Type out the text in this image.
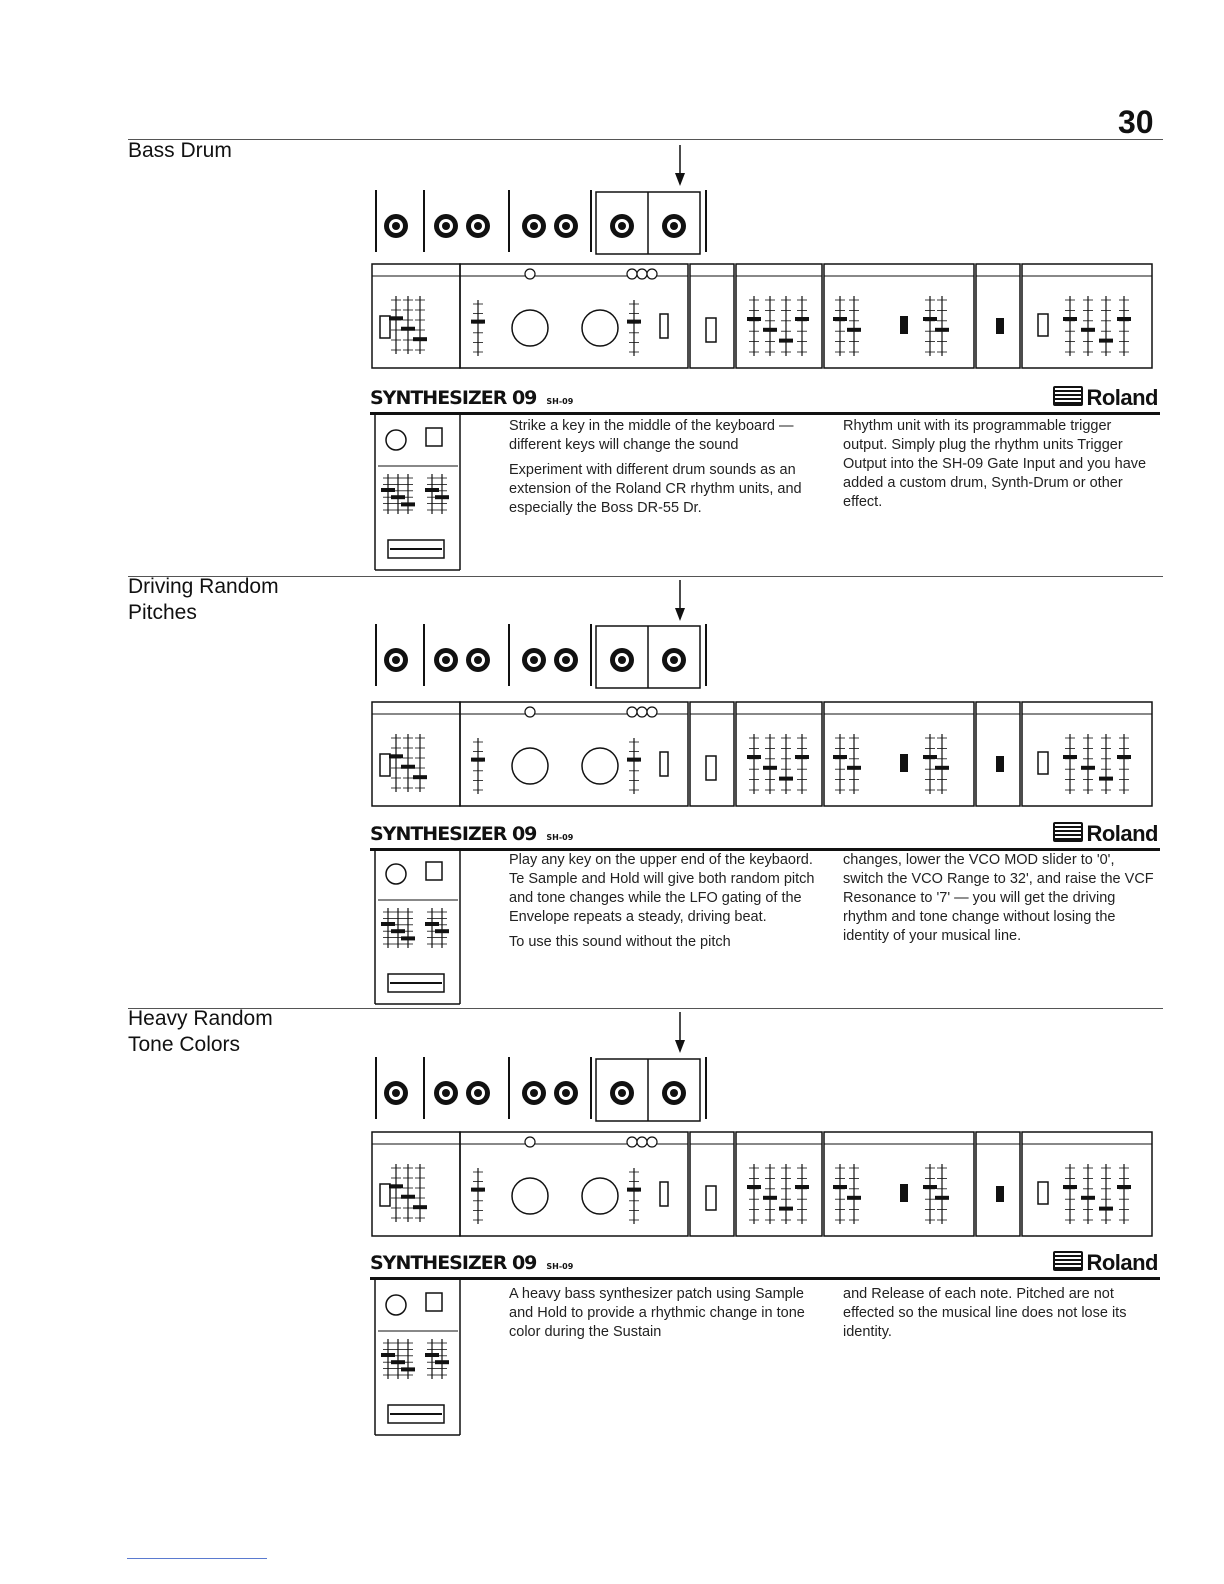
30
Bass Drum
SYNTHESIZER 09 SH-09	Roland

Strike a key in the middle of the keyboard — different keys will change the sound

Experiment with different drum sounds as an extension of the Roland CR rhythm units, and especially the Boss DR-55 Dr.

Rhythm unit with its programmable trigger output. Simply plug the rhythm units Trigger Output into the SH-09 Gate Input and you have added a custom drum, Synth-Drum or other effect.

Driving Random
Pitches
SYNTHESIZER 09 SH-09	Roland

Play any key on the upper end of the keybaord. Te Sample and Hold will give both random pitch and tone changes while the LFO gating of the Envelope repeats a steady, driving beat.

To use this sound without the pitch

changes, lower the VCO MOD slider to '0', switch the VCO Range to 32', and raise the VCF Resonance to '7' — you will get the driving rhythm and tone change without losing the identity of your musical line.

Heavy Random
Tone Colors
SYNTHESIZER 09 SH-09	Roland

A heavy bass synthesizer patch using Sample and Hold to provide a rhythmic change in tone color during the Sustain

and Release of each note. Pitched are not effected so the musical line does not lose its identity.
